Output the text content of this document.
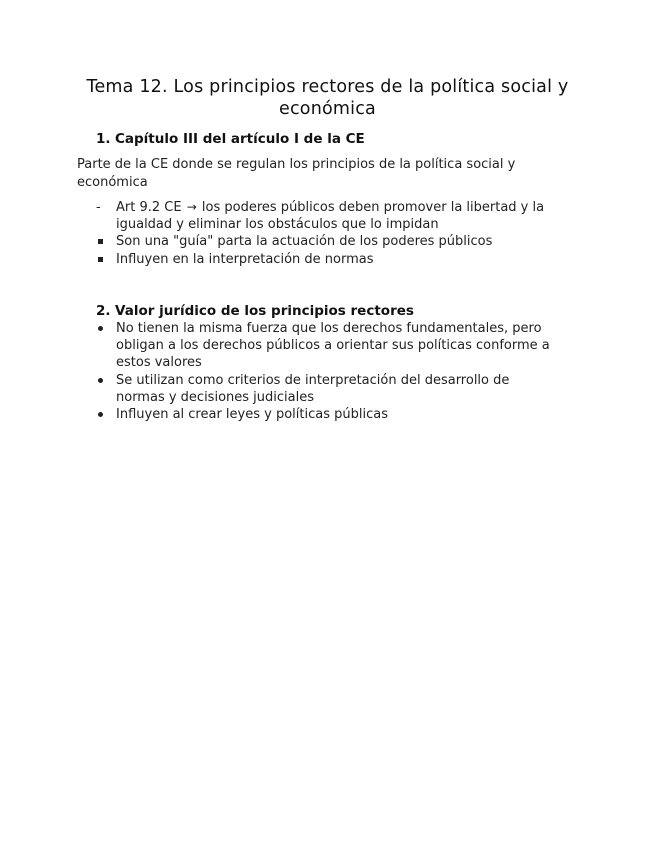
Tema 12. Los principios rectores de la política social y económica
1. Capítulo III del artículo I de la CE
Parte de la CE donde se regulan los principios de la política social y económica
-	Art 9.2 CE → los poderes públicos deben promover la libertad y la igualdad y eliminar los obstáculos que lo impidan
Son una "guía" parta la actuación de los poderes públicos
Influyen en la interpretación de normas
2. Valor jurídico de los principios rectores
No tienen la misma fuerza que los derechos fundamentales, pero obligan a los derechos públicos a orientar sus políticas conforme a estos valores
Se utilizan como criterios de interpretación del desarrollo de normas y decisiones judiciales
Influyen al crear leyes y políticas públicas
